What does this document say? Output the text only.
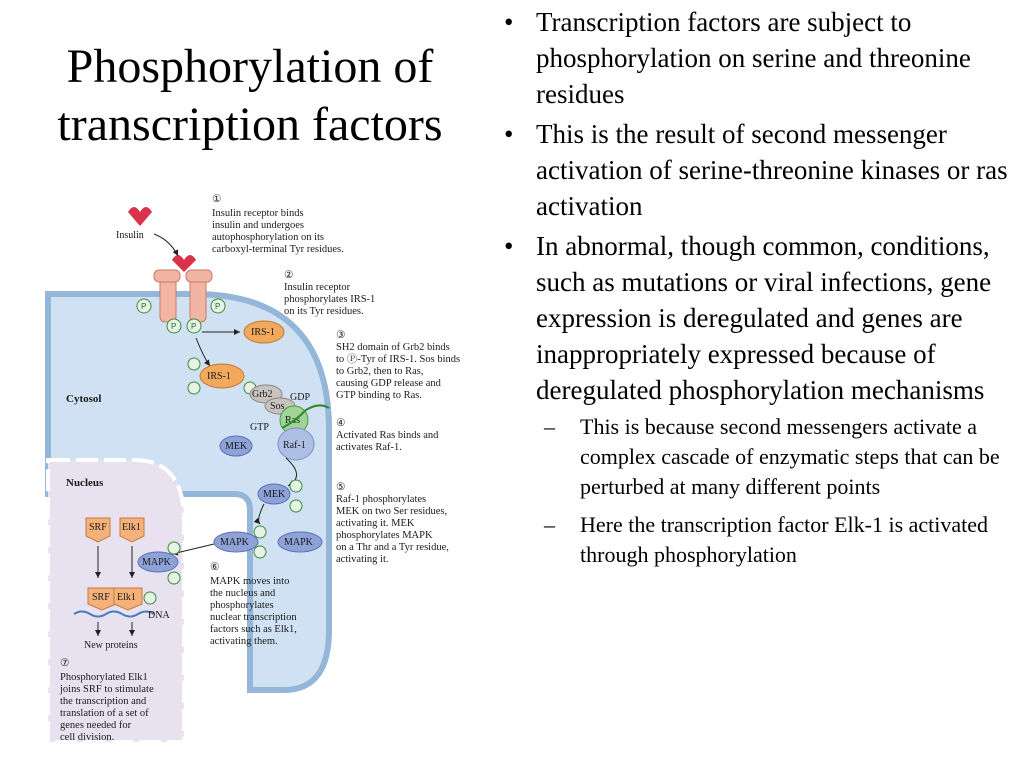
Phosphorylation of transcription factors
• Transcription factors are subject to phosphorylation on serine and threonine residues
• This is the result of second messenger activation of serine-threonine kinases or ras activation
• In abnormal, though common, conditions, such as mutations or viral infections, gene expression is deregulated and genes are inappropriately expressed because of deregulated phosphorylation mechanisms
– This is because second messengers activate a complex cascade of enzymatic steps that can be perturbed at many different points
– Here the transcription factor Elk-1 is activated through phosphorylation
Insulin
P
P P
P
IRS-1
Cytosol
IRS-1
Grb2
Sos
Ras
GDP
GTP
Raf-1
MEK
MEK
MAPK	MAPK
Nucleus
SRF Elk1
MAPK
SRF Elk1
DNA
New proteins
①
Insulin receptor binds
insulin and undergoes
autophosphorylation on its
carboxyl-terminal Tyr residues.
②
Insulin receptor
phosphorylates IRS-1
on its Tyr residues.
③
SH2 domain of Grb2 binds
to Ⓟ-Tyr of IRS-1. Sos binds
to Grb2, then to Ras,
causing GDP release and
GTP binding to Ras.
④
Activated Ras binds and
activates Raf-1.
⑤
Raf-1 phosphorylates
MEK on two Ser residues,
activating it. MEK
phosphorylates MAPK
on a Thr and a Tyr residue,
activating it.
⑥
MAPK moves into
the nucleus and
phosphorylates
nuclear transcription
factors such as Elk1,
activating them.
⑦
Phosphorylated Elk1
joins SRF to stimulate
the transcription and
translation of a set of
genes needed for
cell division.
